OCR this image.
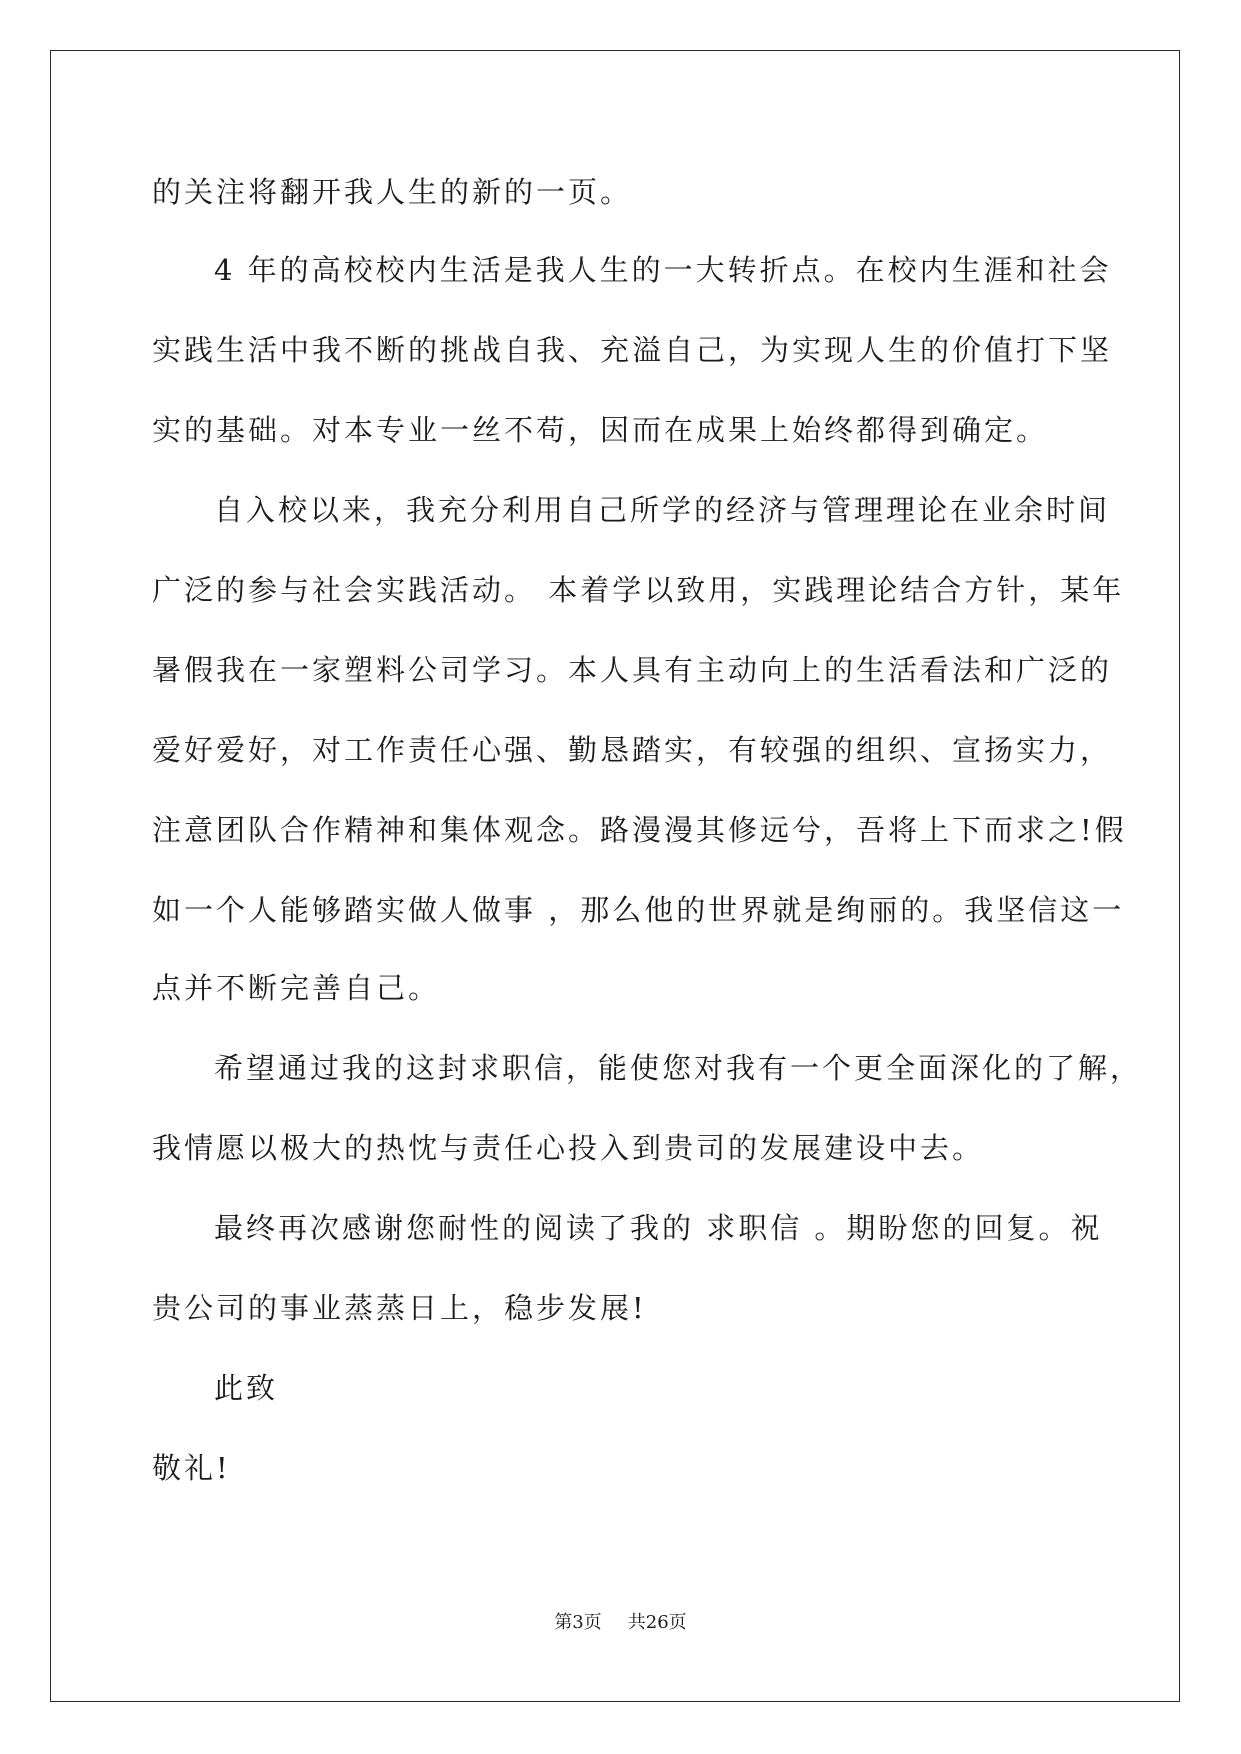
的关注将翻开我人生的新的一页。
4 年的高校校内生活是我人生的一大转折点。在校内生涯和社会
实践生活中我不断的挑战自我、充溢自己，为实现人生的价值打下坚
实的基础。对本专业一丝不苟，因而在成果上始终都得到确定。
自入校以来，我充分利用自己所学的经济与管理理论在业余时间
广泛的参与社会实践活动。 本着学以致用，实践理论结合方针，某年
暑假我在一家塑料公司学习。本人具有主动向上的生活看法和广泛的
爱好爱好，对工作责任心强、勤恳踏实，有较强的组织、宣扬实力，
注意团队合作精神和集体观念。路漫漫其修远兮，吾将上下而求之!假
如一个人能够踏实做人做事 ，那么他的世界就是绚丽的。我坚信这一
点并不断完善自己。
希望通过我的这封求职信，能使您对我有一个更全面深化的了解，
我情愿以极大的热忱与责任心投入到贵司的发展建设中去。
最终再次感谢您耐性的阅读了我的 求职信 。期盼您的回复。祝
贵公司的事业蒸蒸日上，稳步发展!
此致
敬礼!
第3页 共26页
